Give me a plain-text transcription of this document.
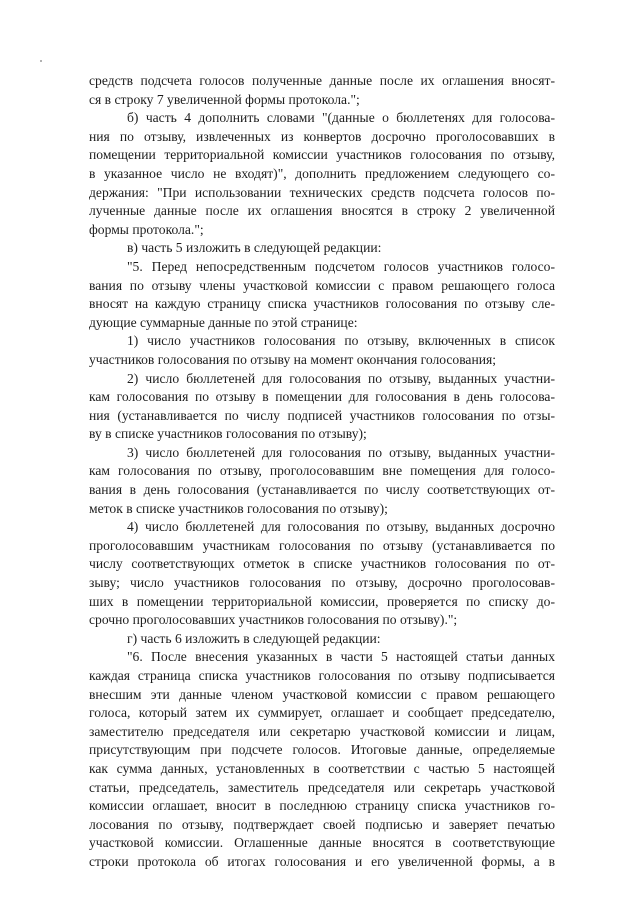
средств подсчета голосов полученные данные после их оглашения вносят-
ся в строку 7 увеличенной формы протокола.";
б) часть 4 дополнить словами "(данные о бюллетенях для голосова-
ния по отзыву, извлеченных из конвертов досрочно проголосовавших в
помещении территориальной комиссии участников голосования по отзыву,
в указанное число не входят)", дополнить предложением следующего со-
держания: "При использовании технических средств подсчета голосов по-
лученные данные после их оглашения вносятся в строку 2 увеличенной
формы протокола.";
в) часть 5 изложить в следующей редакции:
"5. Перед непосредственным подсчетом голосов участников голосо-
вания по отзыву члены участковой комиссии с правом решающего голоса
вносят на каждую страницу списка участников голосования по отзыву сле-
дующие суммарные данные по этой странице:
1) число участников голосования по отзыву, включенных в список
участников голосования по отзыву на момент окончания голосования;
2) число бюллетеней для голосования по отзыву, выданных участни-
кам голосования по отзыву в помещении для голосования в день голосова-
ния (устанавливается по числу подписей участников голосования по отзы-
ву в списке участников голосования по отзыву);
3) число бюллетеней для голосования по отзыву, выданных участни-
кам голосования по отзыву, проголосовавшим вне помещения для голосо-
вания в день голосования (устанавливается по числу соответствующих от-
меток в списке участников голосования по отзыву);
4) число бюллетеней для голосования по отзыву, выданных досрочно
проголосовавшим участникам голосования по отзыву (устанавливается по
числу соответствующих отметок в списке участников голосования по от-
зыву; число участников голосования по отзыву, досрочно проголосовав-
ших в помещении территориальной комиссии, проверяется по списку до-
срочно проголосовавших участников голосования по отзыву).";
г) часть 6 изложить в следующей редакции:
"6. После внесения указанных в части 5 настоящей статьи данных
каждая страница списка участников голосования по отзыву подписывается
внесшим эти данные членом участковой комиссии с правом решающего
голоса, который затем их суммирует, оглашает и сообщает председателю,
заместителю председателя или секретарю участковой комиссии и лицам,
присутствующим при подсчете голосов. Итоговые данные, определяемые
как сумма данных, установленных в соответствии с частью 5 настоящей
статьи, председатель, заместитель председателя или секретарь участковой
комиссии оглашает, вносит в последнюю страницу списка участников го-
лосования по отзыву, подтверждает своей подписью и заверяет печатью
участковой комиссии. Оглашенные данные вносятся в соответствующие
строки протокола об итогах голосования и его увеличенной формы, а в
